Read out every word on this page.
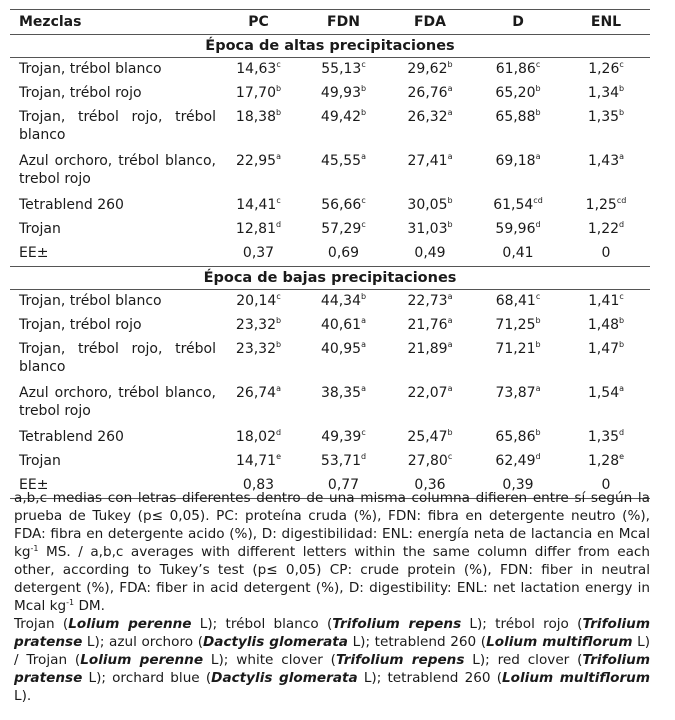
Mezclas	PC	FDN	FDA	D	ENL
Época de altas precipitaciones					
Trojan, trébol blanco	14,63$^c$	55,13$^c$	29,62$^b$	61,86$^c$	1,26$^c$
Trojan, trébol rojo	17,70$^b$	49,93$^b$	26,76$^a$	65,20$^b$	1,34$^b$
Trojan, trébol rojo, trébol blanco	18,38$^b$	49,42$^b$	26,32$^a$	65,88$^b$	1,35$^b$
Azul orchoro, trébol blanco, trebol rojo	22,95$^a$	45,55$^a$	27,41$^a$	69,18$^a$	1,43$^a$
Tetrablend 260	14,41$^c$	56,66$^c$	30,05$^b$	61,54$^{cd}$	1,25$^{cd}$
Trojan	12,81$^d$	57,29$^c$	31,03$^b$	59,96$^d$	1,22$^d$
EE±	0,37	0,69	0,49	0,41	0
Época de bajas precipitaciones					
Trojan, trébol blanco	20,14$^c$	44,34$^b$	22,73$^a$	68,41$^c$	1,41$^c$
Trojan, trébol rojo	23,32$^b$	40,61$^a$	21,76$^a$	71,25$^b$	1,48$^b$
Trojan, trébol rojo, trébol blanco	23,32$^b$	40,95$^a$	21,89$^a$	71,21$^b$	1,47$^b$
Azul orchoro, trébol blanco, trebol rojo	26,74$^a$	38,35$^a$	22,07$^a$	73,87$^a$	1,54$^a$
Tetrablend 260	18,02$^d$	49,39$^c$	25,47$^b$	65,86$^b$	1,35$^d$
Trojan	14,71e	53,71$^d$	27,80$^c$	62,49$^d$	1,28e
EE±	0,83	0,77	0,36	0,39	0

a,b,c medias con letras diferentes dentro de una misma columna difieren entre sí según la prueba de Tukey (p≤ 0,05). PC: proteína cruda (%), FDN: fibra en detergente neutro (%), FDA: fibra en detergente acido (%), D: digestibilidad: ENL: energía neta de lactancia en Mcal $kg^{-1}$ MS. / a,b,c averages with different letters within the same column differ from each other, according to Tukey’s test (p≤ 0,05) CP: crude protein (%), FDN: fiber in neutral detergent (%), FDA: fiber in acid detergent (%), D: digestibility: ENL: net lactation energy in Mcal $kg^{-1}$ DM.

Trojan (Lolium perenne L); trébol blanco (Trifolium repens L); trébol rojo (Trifolium pratense L); azul orchoro (Dactylis glomerata L); tetrablend 260 (Lolium multiflorum L) / Trojan (Lolium perenne L); white clover (Trifolium repens L); red clover (Trifolium pratense L); orchard blue (Dactylis glomerata L); tetrablend 260 (Lolium multiflorum L).
